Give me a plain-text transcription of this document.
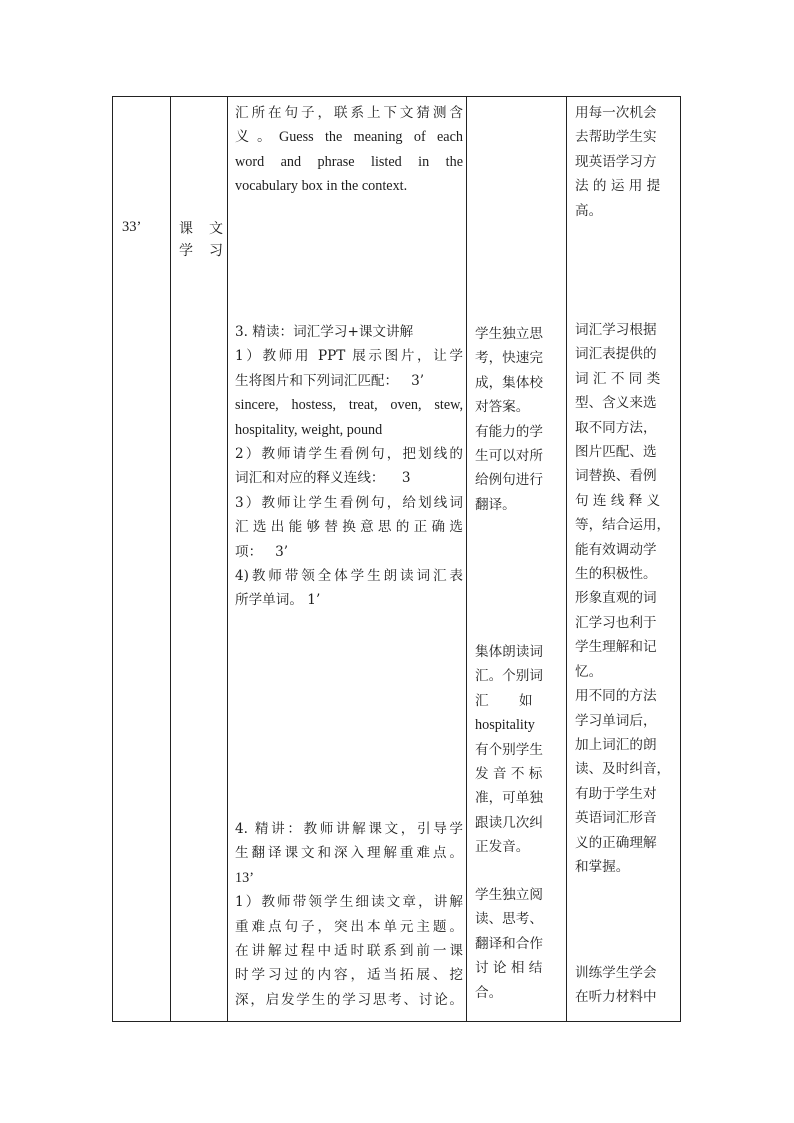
33’	课 文
学 习
汇所在句子，联系上下文猜测含
义。Guess the meaning of each
word and phrase listed in the
vocabulary box in the context.
3. 精读：词汇学习+课文讲解
1）教师用 PPT 展示图片，让学
生将图片和下列词汇匹配：   3’
sincere, hostess, treat, oven, stew,
hospitality, weight, pound
2）教师请学生看例句，把划线的
词汇和对应的释义连线：    3
3）教师让学生看例句，给划线词
汇选出能够替换意思的正确选
项：   3’
4)教师带领全体学生朗读词汇表
所学单词。 1’
4. 精讲：教师讲解课文，引导学
生翻译课文和深入理解重难点。
13’
1）教师带领学生细读文章，讲解
重难点句子，突出本单元主题。
在讲解过程中适时联系到前一课
时学习过的内容，适当拓展、挖
深，启发学生的学习思考、讨论。
学生独立思
考，快速完
成，集体校
对答案。
有能力的学
生可以对所
给例句进行
翻译。
集体朗读词
汇。个别词
汇       如
hospitality
有个别学生
发 音 不 标
准，可单独
跟读几次纠
正发音。
学生独立阅
读、思考、
翻译和合作
讨 论 相 结
合。
用每一次机会
去帮助学生实
现英语学习方
法 的 运 用 提
高。
词汇学习根据
词汇表提供的
词 汇 不 同 类
型、含义来选
取不同方法，
图片匹配、选
词替换、看例
句 连 线 释 义
等，结合运用，
能有效调动学
生的积极性。
形象直观的词
汇学习也利于
学生理解和记
忆。
用不同的方法
学习单词后，
加上词汇的朗
读、及时纠音，
有助于学生对
英语词汇形音
义的正确理解
和掌握。
训练学生学会
在听力材料中
